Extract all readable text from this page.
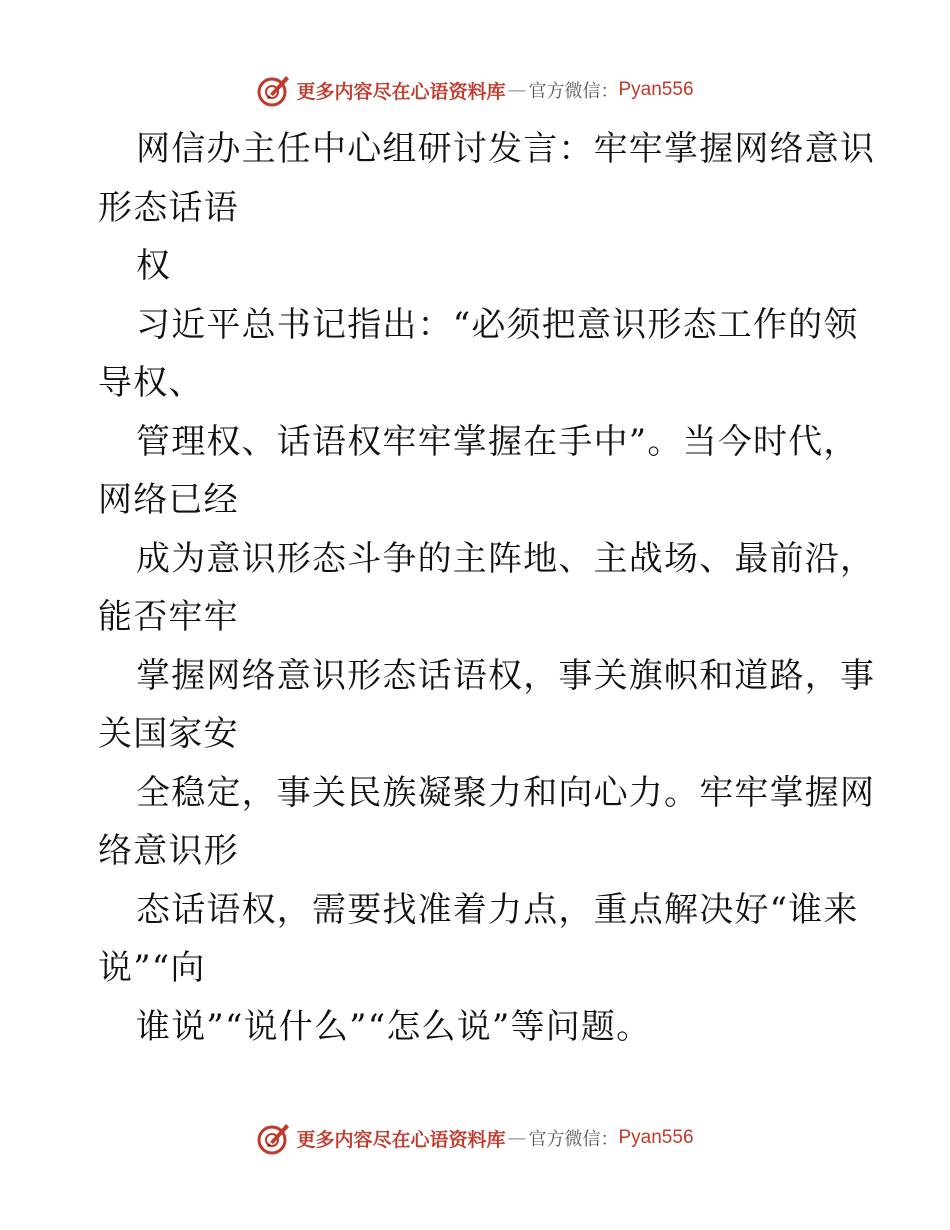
更多内容尽在心语资料库 — 官方微信： Pyan556
网信办主任中心组研讨发言：牢牢掌握网络意识
形态话语
权
习近平总书记指出：“必须把意识形态工作的领
导权、
管理权、话语权牢牢掌握在手中”。当今时代，
网络已经
成为意识形态斗争的主阵地、主战场、最前沿，
能否牢牢
掌握网络意识形态话语权，事关旗帜和道路，事
关国家安
全稳定，事关民族凝聚力和向心力。牢牢掌握网
络意识形
态话语权，需要找准着力点，重点解决好“谁来
说”“向
谁说”“说什么”“怎么说”等问题。
更多内容尽在心语资料库 — 官方微信： Pyan556
